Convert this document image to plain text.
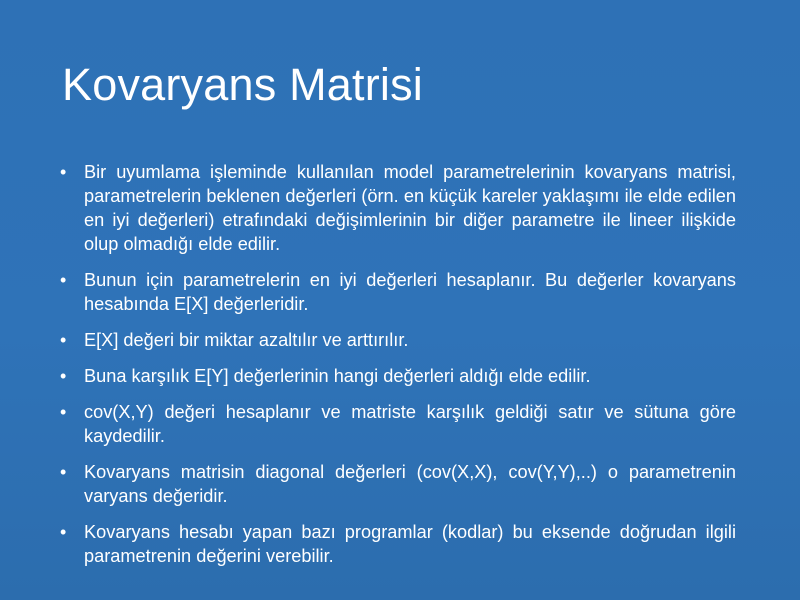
Kovaryans Matrisi
• Bir uyumlama işleminde kullanılan model parametrelerinin kovaryans matrisi, parametrelerin beklenen değerleri (örn. en küçük kareler yaklaşımı ile elde edilen en iyi değerleri) etrafındaki değişimlerinin bir diğer parametre ile lineer ilişkide olup olmadığı elde edilir.
• Bunun için parametrelerin en iyi değerleri hesaplanır. Bu değerler kovaryans hesabında E[X] değerleridir.
• E[X] değeri bir miktar azaltılır ve arttırılır.
• Buna karşılık E[Y] değerlerinin hangi değerleri aldığı elde edilir.
• cov(X,Y) değeri hesaplanır ve matriste karşılık geldiği satır ve sütuna göre kaydedilir.
• Kovaryans matrisin diagonal değerleri (cov(X,X), cov(Y,Y),..) o parametrenin varyans değeridir.
• Kovaryans hesabı yapan bazı programlar (kodlar) bu eksende doğrudan ilgili parametrenin değerini verebilir.
